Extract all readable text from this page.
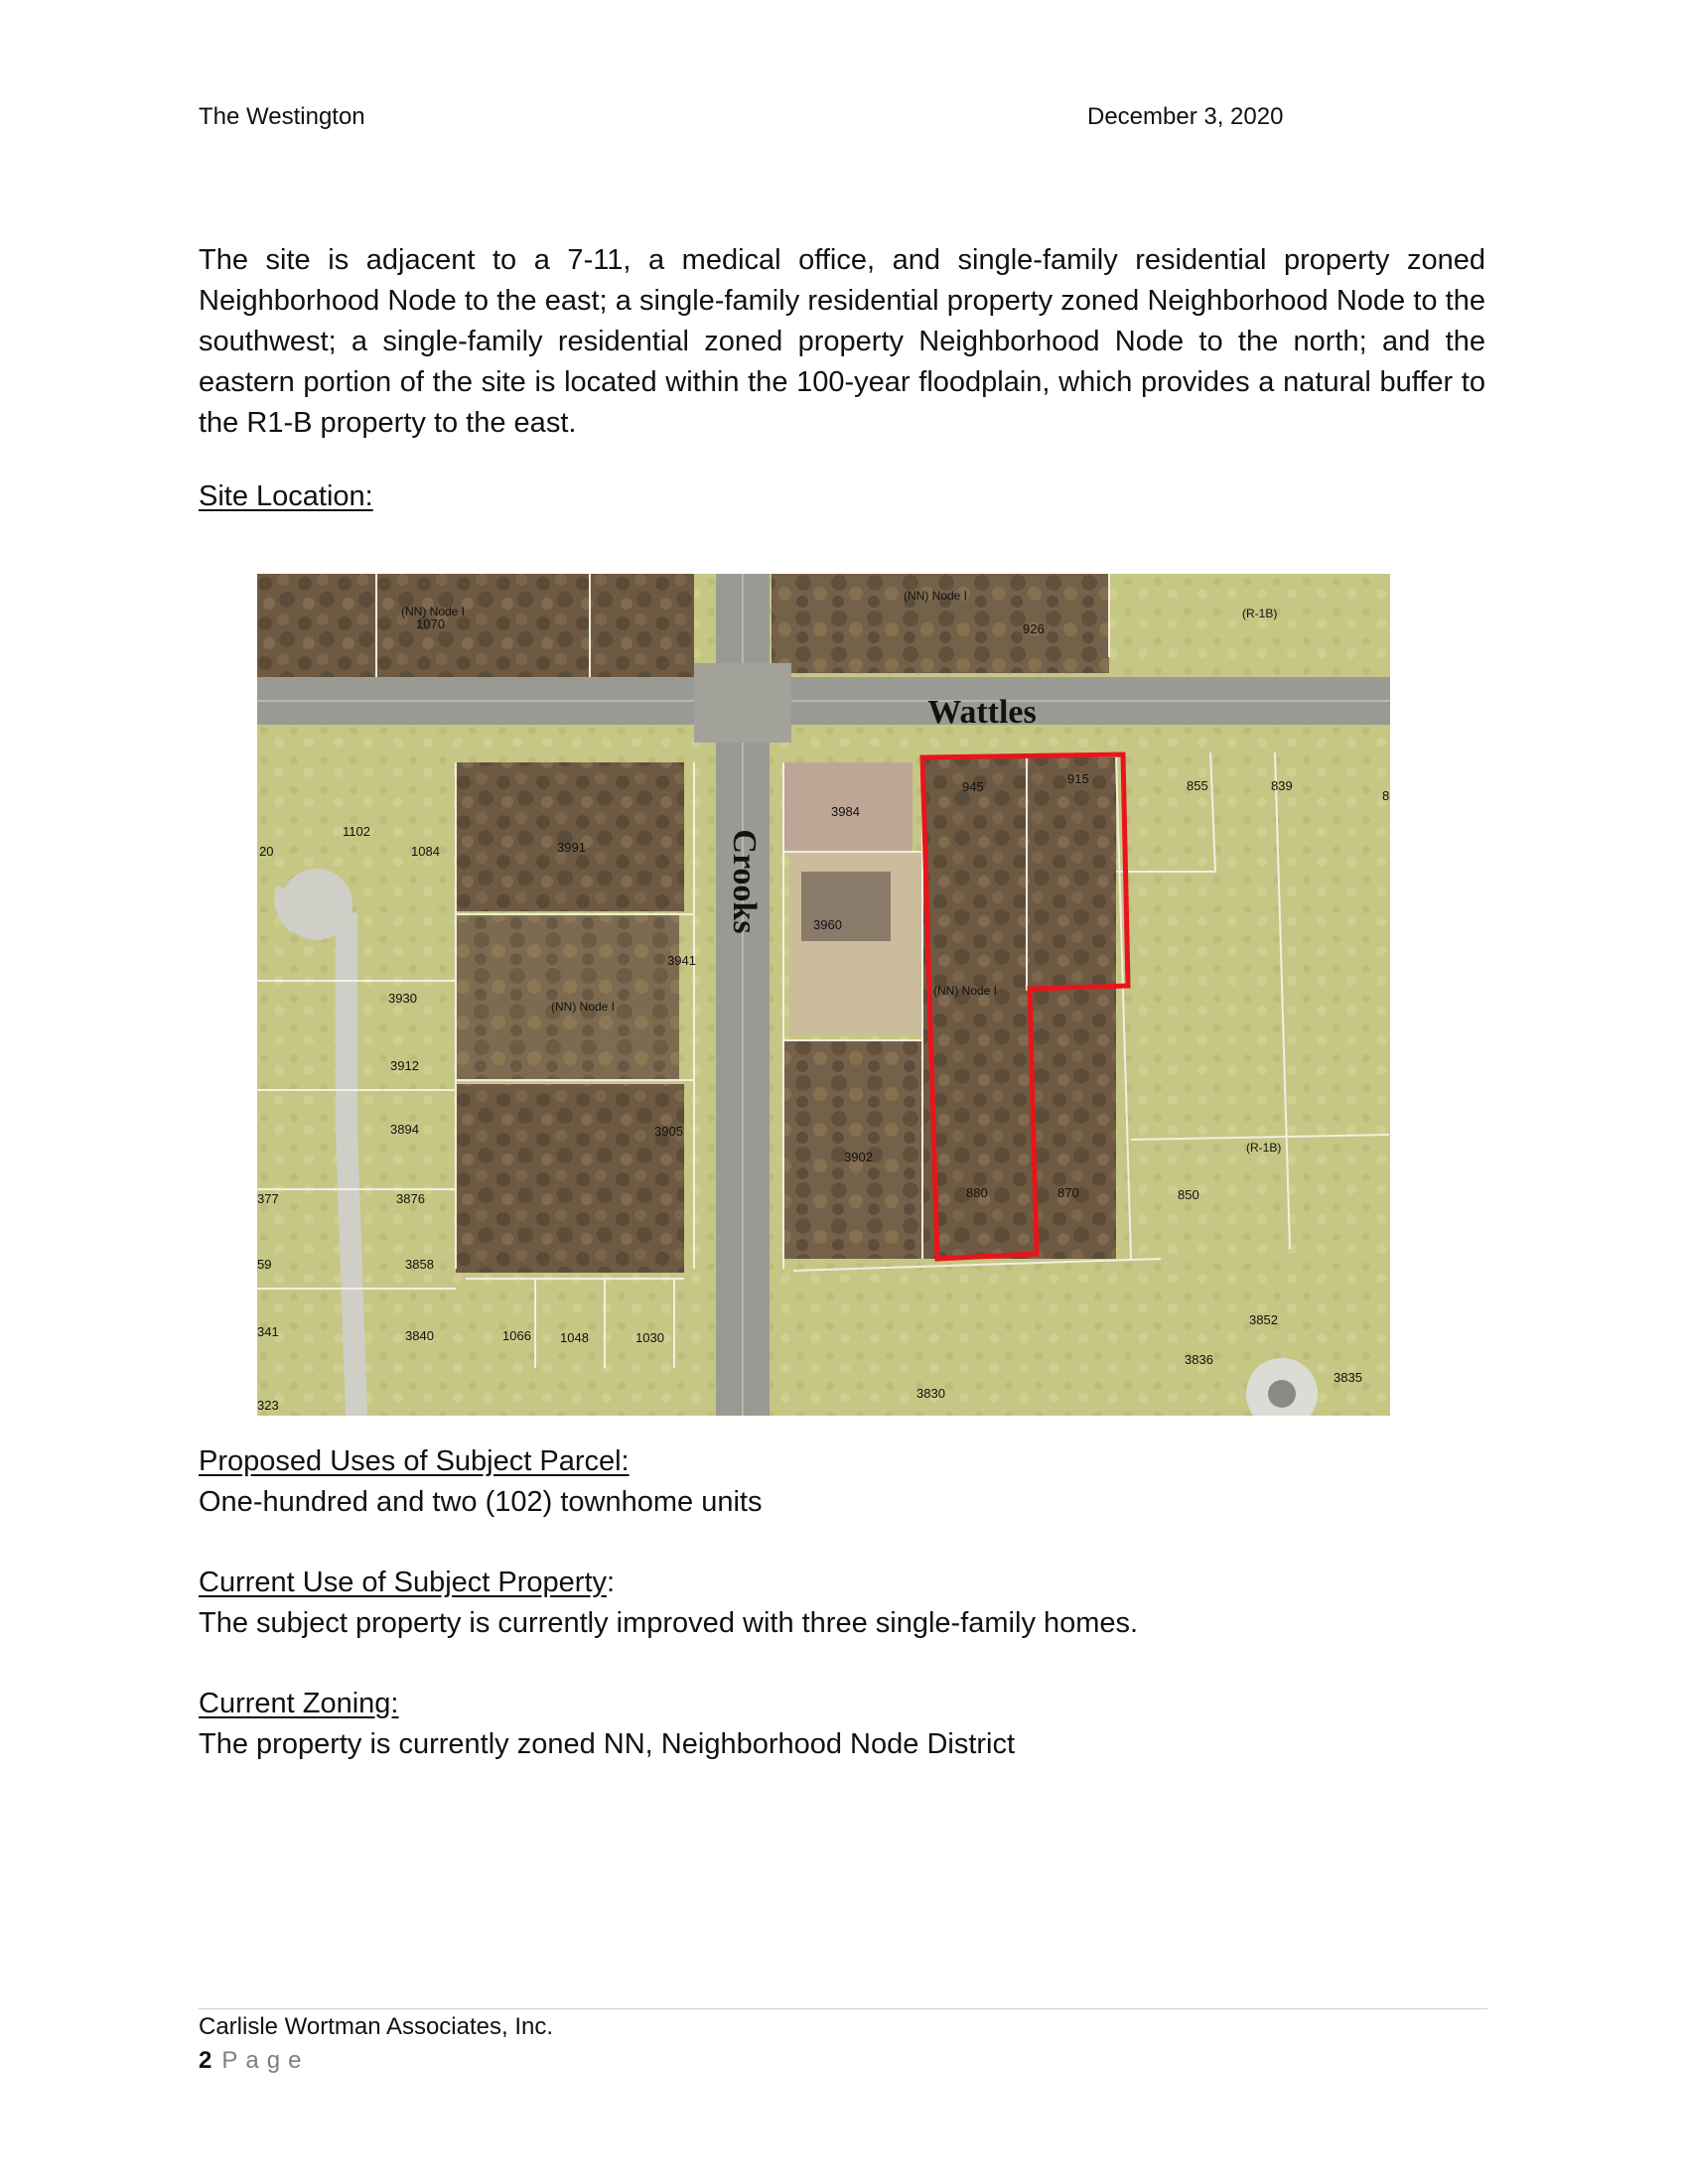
The Westington	December 3, 2020

The site is adjacent to a 7-11, a medical office, and single-family residential property zoned Neighborhood Node to the east; a single-family residential property zoned Neighborhood Node to the southwest; a single-family residential zoned property Neighborhood Node to the north; and the eastern portion of the site is located within the 100-year floodplain, which provides a natural buffer to the R1-B property to the east.

Site Location:
Wattles
Crooks
(NN) Node I
(NN) Node I
(R-1B)
(NN) Node I
(NN) Node I
(R-1B)
1070	926
945
915	855	839
8
20
1102
1084	3991
3984
3960
3941
3930
3912
3894	3905
3902
880	870	850
377	3876
3858
59
341	3840	1066 1048	1030
323
3830
3852
3836
3835
Proposed Uses of Subject Parcel:
One-hundred and two (102) townhome units
Current Use of Subject Property:
The subject property is currently improved with three single-family homes.
Current Zoning:
The property is currently zoned NN, Neighborhood Node District
Carlisle Wortman Associates, Inc.
2 Page
